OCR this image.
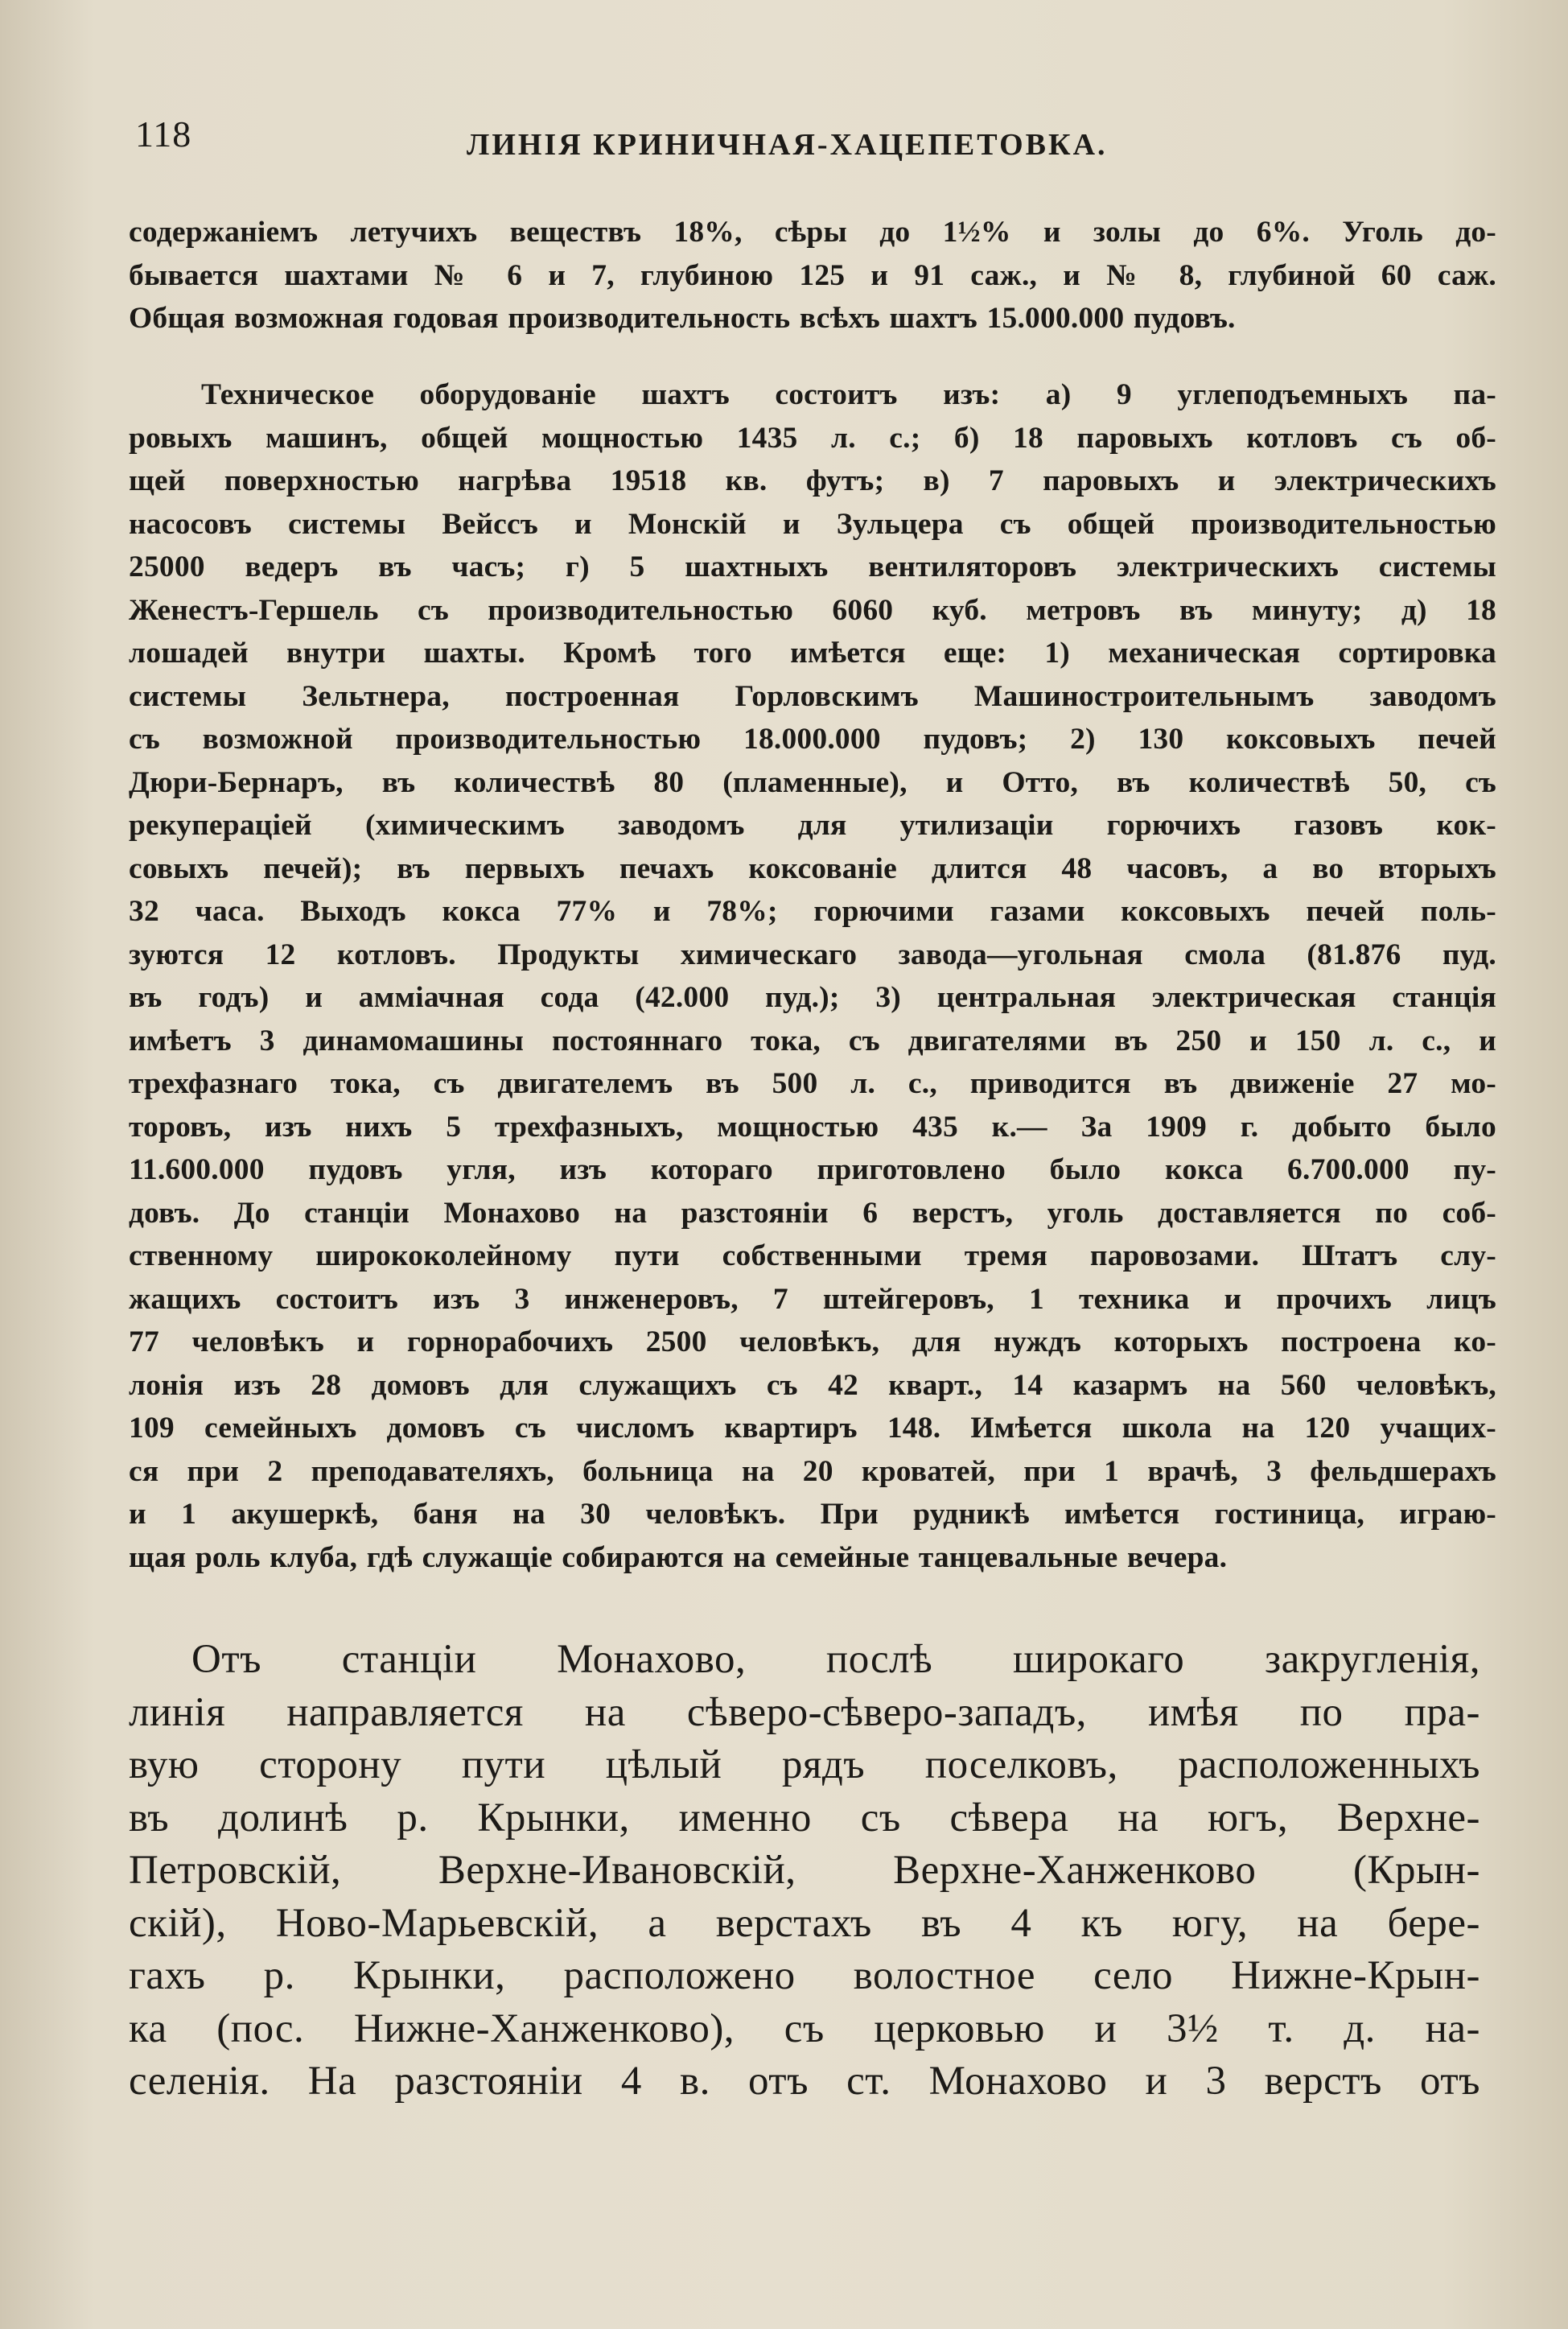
118	ЛИНІЯ КРИНИЧНАЯ-ХАЦЕПЕТОВКА.
содержаніемъ летучихъ веществъ 18%, сѣры до 1½% и золы до 6%. Уголь до-
бывается шахтами № 6 и 7, глубиною 125 и 91 саж., и № 8, глубиной 60 саж.
Общая возможная годовая производительность всѣхъ шахтъ 15.000.000 пудовъ.
Техническое оборудованіе шахтъ состоитъ изъ: а) 9 углеподъемныхъ па-
ровыхъ машинъ, общей мощностью 1435 л. с.; б) 18 паровыхъ котловъ съ об-
щей поверхностью нагрѣва 19518 кв. футъ; в) 7 паровыхъ и электрическихъ
насосовъ системы Вейссъ и Монскій и Зульцера съ общей производительностью
25000 ведеръ въ часъ; г) 5 шахтныхъ вентиляторовъ электрическихъ системы
Женестъ-Гершель съ производительностью 6060 куб. метровъ въ минуту; д) 18
лошадей внутри шахты. Кромѣ того имѣется еще: 1) механическая сортировка
системы Зельтнера, построенная Горловскимъ Машиностроительнымъ заводомъ
съ возможной производительностью 18.000.000 пудовъ; 2) 130 коксовыхъ печей
Дюри-Бернаръ, въ количествѣ 80 (пламенные), и Отто, въ количествѣ 50, съ
рекуперацiей (химическимъ заводомъ для утилизаціи горючихъ газовъ кок-
совыхъ печей); въ первыхъ печахъ коксованіе длится 48 часовъ, а во вторыхъ
32 часа. Выходъ кокса 77% и 78%; горючими газами коксовыхъ печей поль-
зуются 12 котловъ. Продукты химическаго завода—угольная смола (81.876 пуд.
въ годъ) и амміачная сода (42.000 пуд.); 3) центральная электрическая станція
имѣетъ 3 динамомашины постояннаго тока, съ двигателями въ 250 и 150 л. с., и
трехфазнаго тока, съ двигателемъ въ 500 л. с., приводится въ движеніе 27 мо-
торовъ, изъ нихъ 5 трехфазныхъ, мощностью 435 к.— За 1909 г. добыто было
11.600.000 пудовъ угля, изъ котораго приготовлено было кокса 6.700.000 пу-
довъ. До станціи Монахово на разстояніи 6 верстъ, уголь доставляется по соб-
ственному ширококолейному пути собственными тремя паровозами. Штатъ слу-
жащихъ состоитъ изъ 3 инженеровъ, 7 штейгеровъ, 1 техника и прочихъ лицъ
77 человѣкъ и горнорабочихъ 2500 человѣкъ, для нуждъ которыхъ построена ко-
лонія изъ 28 домовъ для служащихъ съ 42 кварт., 14 казармъ на 560 человѣкъ,
109 семейныхъ домовъ съ числомъ квартиръ 148. Имѣется школа на 120 учащих-
ся при 2 преподавателяхъ, больница на 20 кроватей, при 1 врачѣ, 3 фельдшерахъ
и 1 акушеркѣ, баня на 30 человѣкъ. При рудникѣ имѣется гостиница, играю-
щая роль клуба, гдѣ служащіе собираются на семейные танцевальные вечера.
Отъ станціи Монахово, послѣ широкаго закругленія,
линія направляется на сѣверо-сѣверо-западъ, имѣя по пра-
вую сторону пути цѣлый рядъ поселковъ, расположенныхъ
въ долинѣ р. Крынки, именно съ сѣвера на югъ, Верхне-
Петровскій, Верхне-Ивановскій, Верхне-Ханженково (Крын-
скій), Ново-Марьевскій, а верстахъ въ 4 къ югу, на бере-
гахъ р. Крынки, расположено волостное село Нижне-Крын-
ка (пос. Нижне-Ханженково), съ церковью и 3½ т. д. на-
селенія. На разстояніи 4 в. отъ ст. Монахово и 3 верстъ отъ
